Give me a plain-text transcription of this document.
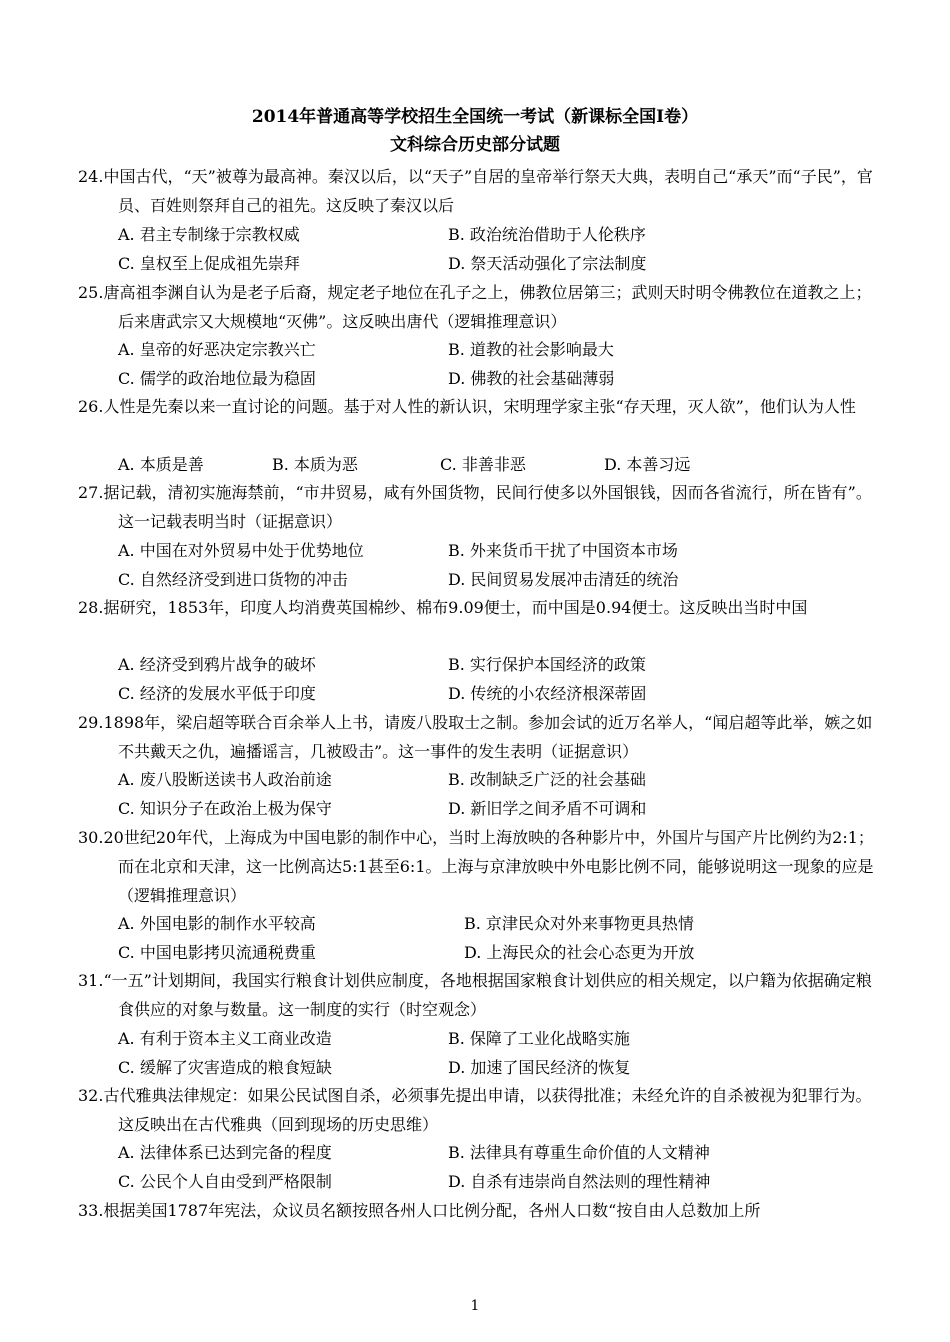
2014年普通高等学校招生全国统一考试（新课标全国Ⅰ卷）
文科综合历史部分试题
24.中国古代，“天”被尊为最高神。秦汉以后，以“天子”自居的皇帝举行祭天大典，表明自己“承天”而“子民”，官员、百姓则祭拜自己的祖先。这反映了秦汉以后
A. 君主专制缘于宗教权威	B. 政治统治借助于人伦秩序
C. 皇权至上促成祖先崇拜	D. 祭天活动强化了宗法制度
25.唐高祖李渊自认为是老子后裔，规定老子地位在孔子之上，佛教位居第三；武则天时明令佛教位在道教之上；后来唐武宗又大规模地“灭佛”。这反映出唐代（逻辑推理意识）
A. 皇帝的好恶决定宗教兴亡	B. 道教的社会影响最大
C. 儒学的政治地位最为稳固	D. 佛教的社会基础薄弱
26.人性是先秦以来一直讨论的问题。基于对人性的新认识，宋明理学家主张“存天理，灭人欲”，他们认为人性
A. 本质是善	B. 本质为恶	C. 非善非恶	D. 本善习远
27.据记载，清初实施海禁前，“市井贸易，咸有外国货物，民间行使多以外国银钱，因而各省流行，所在皆有”。这一记载表明当时（证据意识）
A. 中国在对外贸易中处于优势地位	B. 外来货币干扰了中国资本市场
C. 自然经济受到进口货物的冲击	D. 民间贸易发展冲击清廷的统治
28.据研究，1853年，印度人均消费英国棉纱、棉布9.09便士，而中国是0.94便士。这反映出当时中国
A. 经济受到鸦片战争的破坏	B. 实行保护本国经济的政策
C. 经济的发展水平低于印度	D. 传统的小农经济根深蒂固
29.1898年，梁启超等联合百余举人上书，请废八股取士之制。参加会试的近万名举人，“闻启超等此举，嫉之如不共戴天之仇，遍播谣言，几被殴击”。这一事件的发生表明（证据意识）
A. 废八股断送读书人政治前途	B. 改制缺乏广泛的社会基础
C. 知识分子在政治上极为保守	D. 新旧学之间矛盾不可调和
30.20世纪20年代，上海成为中国电影的制作中心，当时上海放映的各种影片中，外国片与国产片比例约为2:1；而在北京和天津，这一比例高达5:1甚至6:1。上海与京津放映中外电影比例不同，能够说明这一现象的应是（逻辑推理意识）
A. 外国电影的制作水平较高	B. 京津民众对外来事物更具热情
C. 中国电影拷贝流通税费重	D. 上海民众的社会心态更为开放
31.“一五”计划期间，我国实行粮食计划供应制度，各地根据国家粮食计划供应的相关规定，以户籍为依据确定粮食供应的对象与数量。这一制度的实行（时空观念）
A. 有利于资本主义工商业改造	B. 保障了工业化战略实施
C. 缓解了灾害造成的粮食短缺	D. 加速了国民经济的恢复
32.古代雅典法律规定：如果公民试图自杀，必须事先提出申请，以获得批准；未经允许的自杀被视为犯罪行为。这反映出在古代雅典（回到现场的历史思维）
A. 法律体系已达到完备的程度	B. 法律具有尊重生命价值的人文精神
C. 公民个人自由受到严格限制	D. 自杀有违崇尚自然法则的理性精神
33.根据美国1787年宪法，众议员名额按照各州人口比例分配，各州人口数“按自由人总数加上所
1
